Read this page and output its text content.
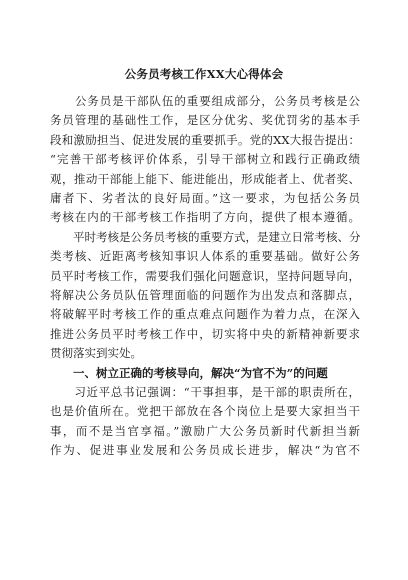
公务员考核工作XX大心得体会
　　公务员是干部队伍的重要组成部分，公务员考核是公
务员管理的基础性工作，是区分优劣、奖优罚劣的基本手
段和激励担当、促进发展的重要抓手。党的XX大报告提出：
“完善干部考核评价体系，引导干部树立和践行正确政绩
观，推动干部能上能下、能进能出，形成能者上、优者奖、
庸者下、劣者汰的良好局面。”这一要求，为包括公务员
考核在内的干部考核工作指明了方向，提供了根本遵循。
　　平时考核是公务员考核的重要方式，是建立日常考核、分
类考核、近距离考核知事识人体系的重要基础。做好公务
员平时考核工作，需要我们强化问题意识，坚持问题导向，
将解决公务员队伍管理面临的问题作为出发点和落脚点，
将破解平时考核工作的重点难点问题作为着力点，在深入
推进公务员平时考核工作中，切实将中央的新精神新要求
贯彻落实到实处。
　　一、树立正确的考核导向，解决“为官不为”的问题
　　习近平总书记强调：“干事担事，是干部的职责所在，
也是价值所在。党把干部放在各个岗位上是要大家担当干
事，而不是当官享福。”激励广大公务员新时代新担当新
作为、促进事业发展和公务员成长进步，解决“为官不
